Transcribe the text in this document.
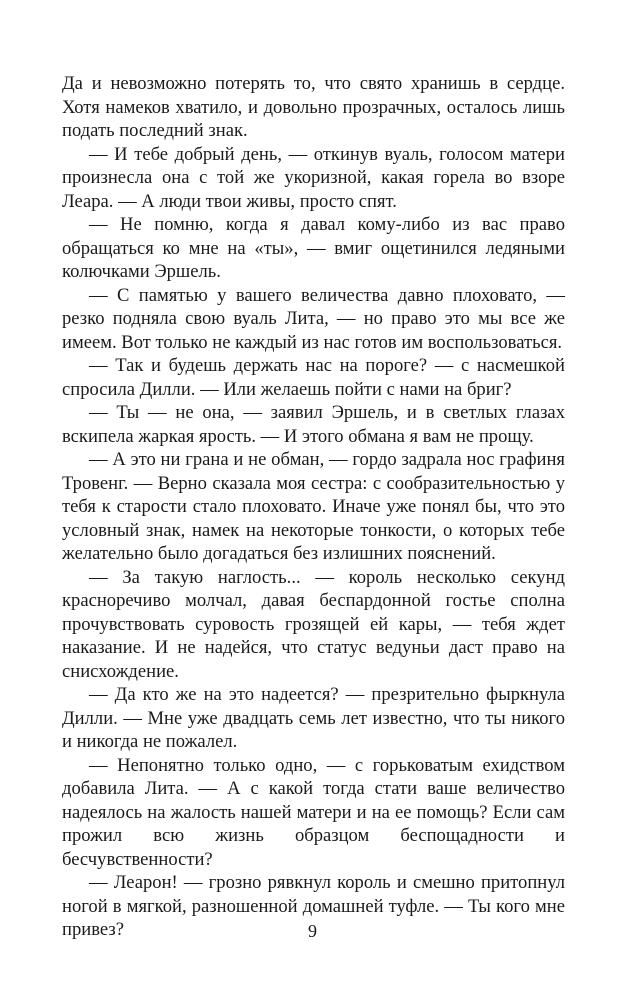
Да и невозможно потерять то, что свято хранишь в сердце. Хотя намеков хватило, и довольно прозрачных, осталось лишь подать последний знак.

— И тебе добрый день, — откинув вуаль, голосом матери произнесла она с той же укоризной, какая горела во взоре Леара. — А люди твои живы, просто спят.

— Не помню, когда я давал кому-либо из вас право обращаться ко мне на «ты», — вмиг ощетинился ледяными колючками Эршель.

— С памятью у вашего величества давно плоховато, — резко подняла свою вуаль Лита, — но право это мы все же имеем. Вот только не каждый из нас готов им воспользоваться.

— Так и будешь держать нас на пороге? — с насмешкой спросила Дилли. — Или желаешь пойти с нами на бриг?

— Ты — не она, — заявил Эршель, и в светлых глазах вскипела жаркая ярость. — И этого обмана я вам не прощу.

— А это ни грана и не обман, — гордо задрала нос графиня Тровенг. — Верно сказала моя сестра: с сообразительностью у тебя к старости стало плоховато. Иначе уже понял бы, что это условный знак, намек на некоторые тонкости, о которых тебе желательно было догадаться без излишних пояснений.

— За такую наглость... — король несколько секунд красноречиво молчал, давая беспардонной гостье сполна прочувствовать суровость грозящей ей кары, — тебя ждет наказание. И не надейся, что статус ведуньи даст право на снисхождение.

— Да кто же на это надеется? — презрительно фыркнула Дилли. — Мне уже двадцать семь лет известно, что ты никого и никогда не пожалел.

— Непонятно только одно, — с горьковатым ехидством добавила Лита. — А с какой тогда стати ваше величество надеялось на жалость нашей матери и на ее помощь? Если сам прожил всю жизнь образцом беспощадности и бесчувственности?

— Леарон! — грозно рявкнул король и смешно притопнул ногой в мягкой, разношенной домашней туфле. — Ты кого мне привез?	9
